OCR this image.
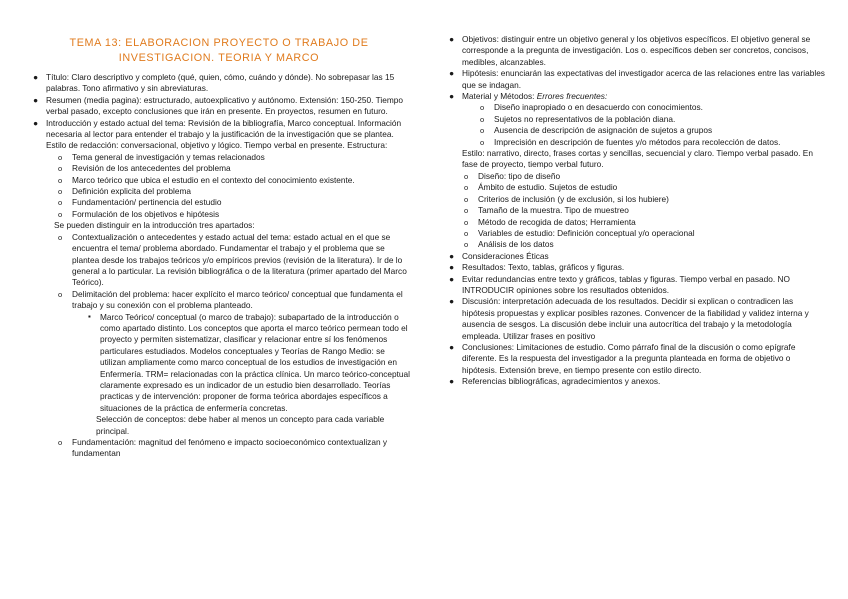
TEMA 13: ELABORACION PROYECTO O TRABAJO DE INVESTIGACION. TEORIA Y MARCO
● Título: Claro descriptivo y completo (qué, quien, cómo, cuándo y dónde). No sobrepasar las 15 palabras. Tono afirmativo y sin abreviaturas.
● Resumen (media pagina): estructurado, autoexplicativo y autónomo. Extensión: 150-250. Tiempo verbal pasado, excepto conclusiones que irán en presente. En proyectos, resumen en futuro.
● Introducción y estado actual del tema: Revisión de la bibliografía, Marco conceptual. Información necesaria al lector para entender el trabajo y la justificación de la investigación que se plantea. Estilo de redacción: conversacional, objetivo y lógico. Tiempo verbal en presente. Estructura:
o Tema general de investigación y temas relacionados
o Revisión de los antecedentes del problema
o Marco teórico que ubica el estudio en el contexto del conocimiento existente.
o Definición explicita del problema
o Fundamentación/ pertinencia del estudio
o Formulación de los objetivos e hipótesis
Se pueden distinguir en la introducción tres apartados:
o Contextualización o antecedentes y estado actual del tema: estado actual en el que se encuentra el tema/ problema abordado. Fundamentar el trabajo y el problema que se plantea desde los trabajos teóricos y/o empíricos previos (revisión de la literatura). Ir de lo general a lo particular. La revisión bibliográfica o de la literatura (primer apartado del Marco Teórico).
o Delimitación del problema: hacer explícito el marco teórico/ conceptual que fundamenta el trabajo y su conexión con el problema planteado.
▪ Marco Teórico/ conceptual (o marco de trabajo): subapartado de la introducción o como apartado distinto. Los conceptos que aporta el marco teórico permean todo el proyecto y permiten sistematizar, clasificar y relacionar entre sí los fenómenos particulares estudiados. Modelos conceptuales y Teorías de Rango Medio: se utilizan ampliamente como marco conceptual de los estudios de investigación en Enfermería. TRM= relacionadas con la práctica clínica. Un marco teórico-conceptual claramente expresado es un indicador de un estudio bien desarrollado. Teorías practicas y de intervención: proponer de forma teórica abordajes específicos a situaciones de la práctica de enfermería concretas.
Selección de conceptos: debe haber al menos un concepto para cada variable principal.
o Fundamentación: magnitud del fenómeno e impacto socioeconómico contextualizan y fundamentan
● Objetivos: distinguir entre un objetivo general y los objetivos específicos. El objetivo general se corresponde a la pregunta de investigación. Los o. específicos deben ser concretos, concisos, medibles, alcanzables.
● Hipótesis: enunciarán las expectativas del investigador acerca de las relaciones entre las variables que se indagan.
● Material y Métodos: Errores frecuentes:
o Diseño inapropiado o en desacuerdo con conocimientos.
o Sujetos no representativos de la población diana.
o Ausencia de descripción de asignación de sujetos a grupos
o Imprecisión en descripción de fuentes y/o métodos para recolección de datos.
Estilo: narrativo, directo, frases cortas y sencillas, secuencial y claro. Tiempo verbal pasado. En fase de proyecto, tiempo verbal futuro.
o Diseño: tipo de diseño
o Ámbito de estudio. Sujetos de estudio
o Criterios de inclusión (y de exclusión, si los hubiere)
o Tamaño de la muestra. Tipo de muestreo
o Método de recogida de datos; Herramienta
o Variables de estudio: Definición conceptual y/o operacional
o Análisis de los datos
● Consideraciones Éticas
● Resultados: Texto, tablas, gráficos y figuras.
● Evitar redundancias entre texto y gráficos, tablas y figuras. Tiempo verbal en pasado. NO INTRODUCIR opiniones sobre los resultados obtenidos.
● Discusión: interpretación adecuada de los resultados. Decidir si explican o contradicen las hipótesis propuestas y explicar posibles razones. Convencer de la fiabilidad y validez interna y ausencia de sesgos. La discusión debe incluir una autocrítica del trabajo y la metodología empleada. Utilizar frases en positivo
● Conclusiones: Limitaciones de estudio. Como párrafo final de la discusión o como epígrafe diferente. Es la respuesta del investigador a la pregunta planteada en forma de objetivo o hipótesis. Extensión breve, en tiempo presente con estilo directo.
● Referencias bibliográficas, agradecimientos y anexos.
